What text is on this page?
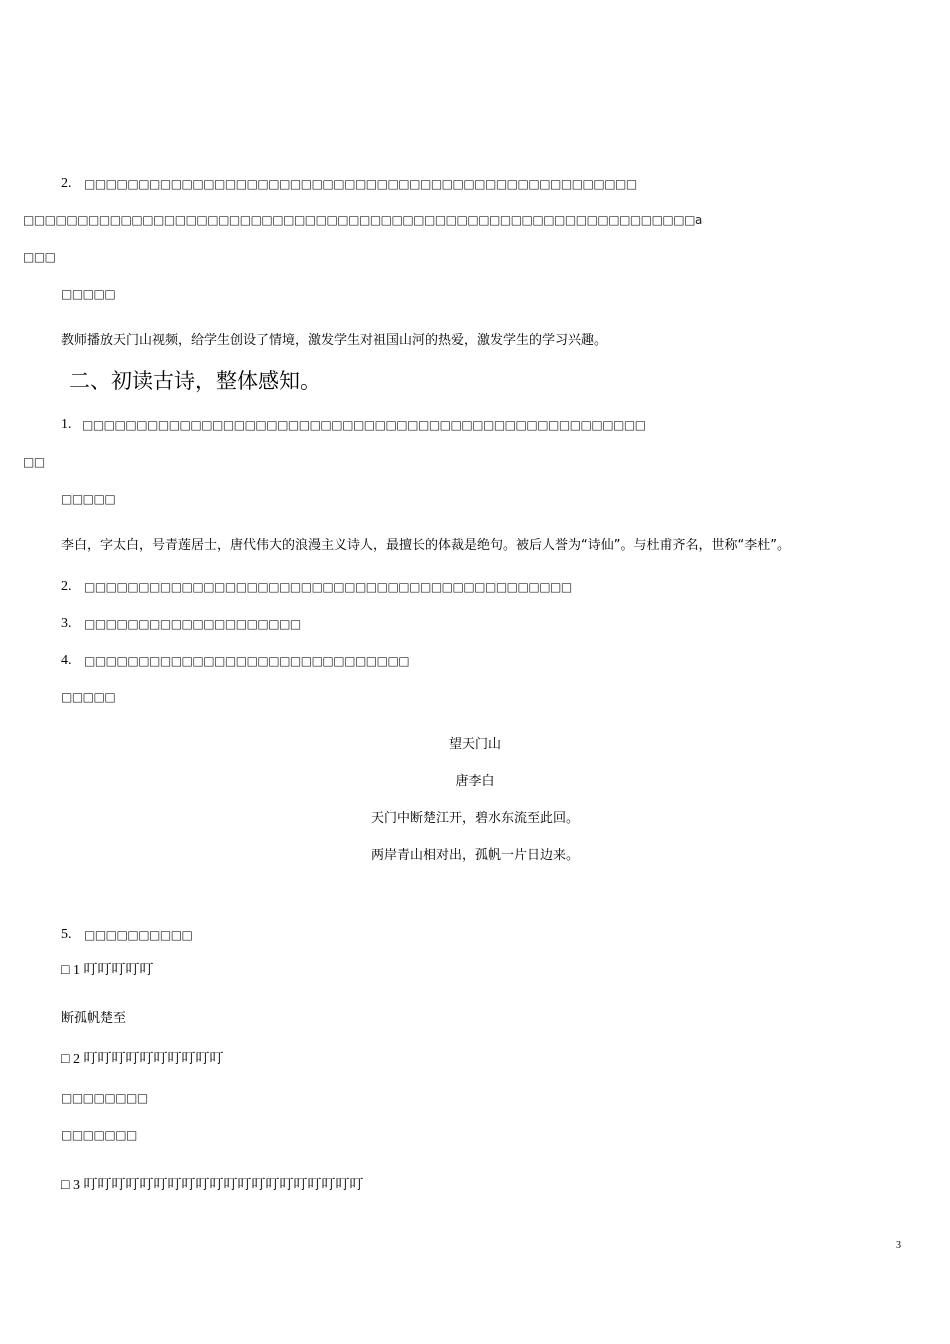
2. □□□□□□□□□□□□□□□□□□□□□□□□□□□□□□□□□□□□□□□□□□□□□□□□□□□
□□□□□□□□□□□□□□□□□□□□□□□□□□□□□□□□□□□□□□□□□□□□□□□□□□□□□□□□□□□□□□a
□□□
□□□□□
教师播放天门山视频，给学生创设了情境，激发学生对祖国山河的热爱，激发学生的学习兴趣。
二、初读古诗，整体感知。
1. □□□□□□□□□□□□□□□□□□□□□□□□□□□□□□□□□□□□□□□□□□□□□□□□□□□□
□□
□□□□□
李白，字太白，号青莲居士，唐代伟大的浪漫主义诗人，最擅长的体裁是绝句。被后人誉为“诗仙”。与杜甫齐名，世称“李杜”。
2. □□□□□□□□□□□□□□□□□□□□□□□□□□□□□□□□□□□□□□□□□□□□□
3. □□□□□□□□□□□□□□□□□□□□
4. □□□□□□□□□□□□□□□□□□□□□□□□□□□□□□
□□□□□
望天门山
唐李白
天门中断楚江开，碧水东流至此回。
两岸青山相对出，孤帆一片日边来。
5. □□□□□□□□□□
□ 1 叮叮叮叮叮
断孤帆楚至
□ 2 叮叮叮叮叮叮叮叮叮叮
□□□□□□□□
□□□□□□□
□ 3 叮叮叮叮叮叮叮叮叮叮叮叮叮叮叮叮叮叮叮叮
3
